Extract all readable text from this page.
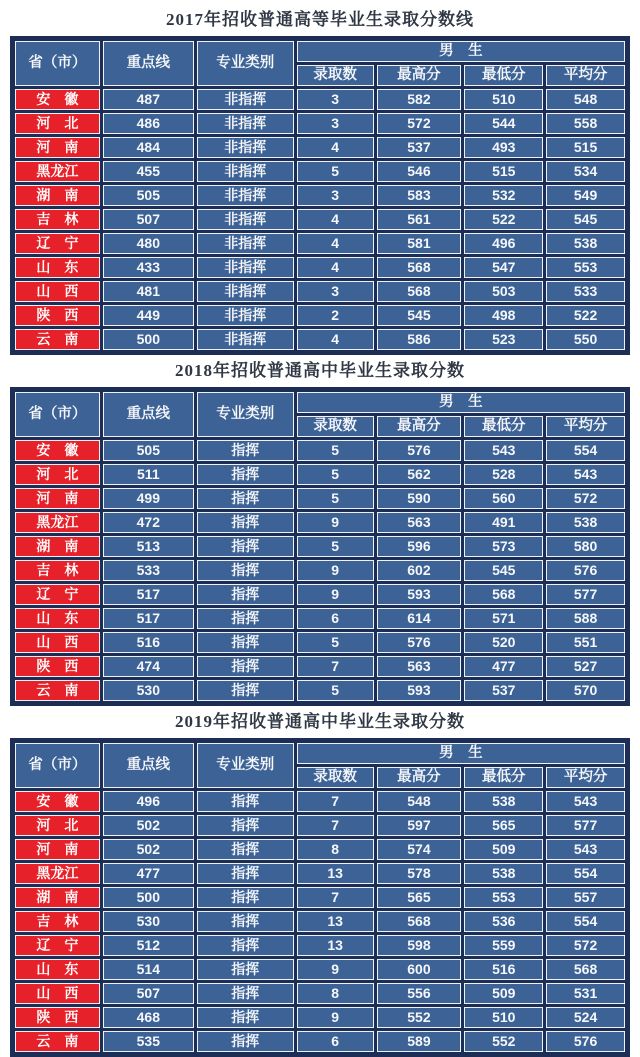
2017年招收普通高等毕业生录取分数线
省（市）	重点线	专业类别	男　生			
			录取数	最高分	最低分	平均分
安　徽	487	非指挥	3	582	510	548
河　北	486	非指挥	3	572	544	558
河　南	484	非指挥	4	537	493	515
黑龙江	455	非指挥	5	546	515	534
湖　南	505	非指挥	3	583	532	549
吉　林	507	非指挥	4	561	522	545
辽　宁	480	非指挥	4	581	496	538
山　东	433	非指挥	4	568	547	553
山　西	481	非指挥	3	568	503	533
陕　西	449	非指挥	2	545	498	522
云　南	500	非指挥	4	586	523	550
2018年招收普通高中毕业生录取分数
省（市）	重点线	专业类别	男　生			
			录取数	最高分	最低分	平均分
安　徽	505	指挥	5	576	543	554
河　北	511	指挥	5	562	528	543
河　南	499	指挥	5	590	560	572
黑龙江	472	指挥	9	563	491	538
湖　南	513	指挥	5	596	573	580
吉　林	533	指挥	9	602	545	576
辽　宁	517	指挥	9	593	568	577
山　东	517	指挥	6	614	571	588
山　西	516	指挥	5	576	520	551
陕　西	474	指挥	7	563	477	527
云　南	530	指挥	5	593	537	570
2019年招收普通高中毕业生录取分数
省（市）	重点线	专业类别	男　生			
			录取数	最高分	最低分	平均分
安　徽	496	指挥	7	548	538	543
河　北	502	指挥	7	597	565	577
河　南	502	指挥	8	574	509	543
黑龙江	477	指挥	13	578	538	554
湖　南	500	指挥	7	565	553	557
吉　林	530	指挥	13	568	536	554
辽　宁	512	指挥	13	598	559	572
山　东	514	指挥	9	600	516	568
山　西	507	指挥	8	556	509	531
陕　西	468	指挥	9	552	510	524
云　南	535	指挥	6	589	552	576
